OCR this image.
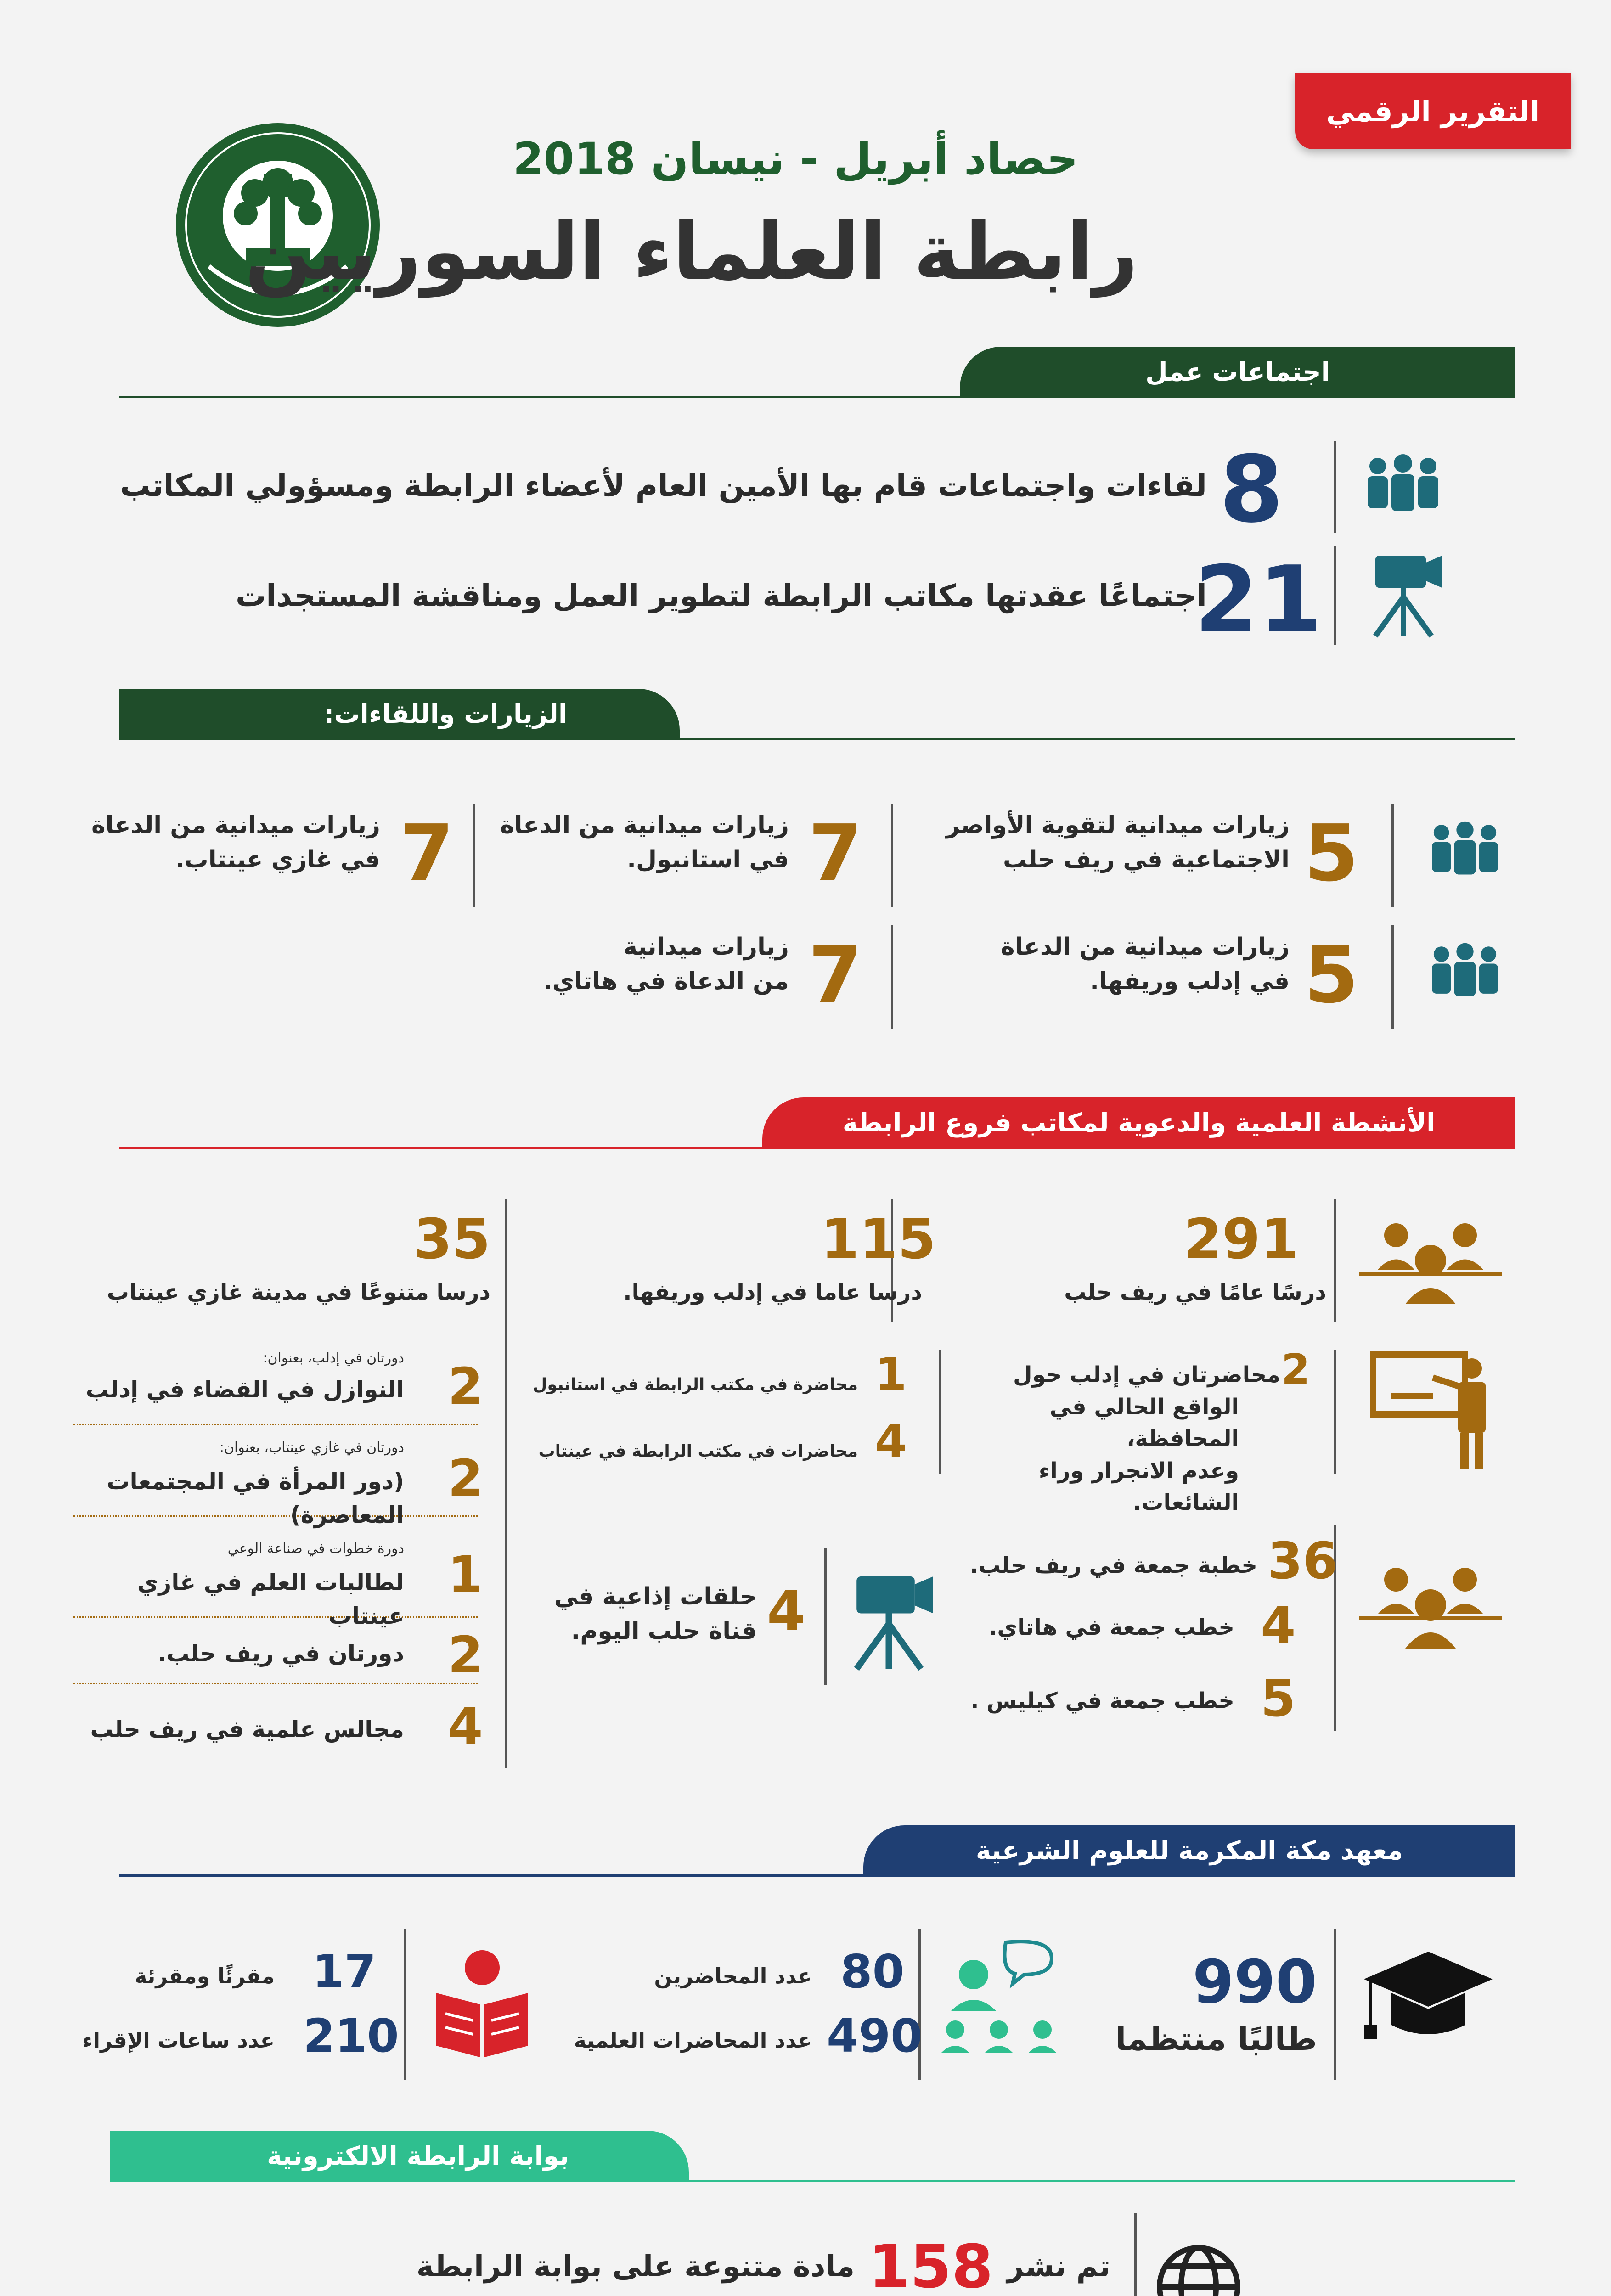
التقرير الرقمي
حصاد أبريل - نيسان 2018
رابطة العلماء السوريين
اجتماعات عمل
8
لقاءات واجتماعات قام بها الأمين العام لأعضاء الرابطة ومسؤولي المكاتب
21
اجتماعًا عقدتها مكاتب الرابطة لتطوير العمل ومناقشة المستجدات
الزيارات واللقاءات:
5
زيارات ميدانية لتقوية الأواصر
الاجتماعية في ريف حلب
7
زيارات ميدانية من الدعاة
في استانبول.
7
زيارات ميدانية من الدعاة
في غازي عينتاب.
5
زيارات ميدانية من الدعاة
في إدلب وريفها.
7
زيارات ميدانية
من الدعاة في هاتاي.
الأنشطة العلمية والدعوية لمكاتب فروع الرابطة
291
درسًا عامًا في ريف حلب
115
درسا عاما في إدلب وريفها.
35
درسا متنوعًا في مدينة غازي عينتاب
2
محاضرتان في إدلب حول
الواقع الحالي في المحافظة،
وعدم الانجرار وراء الشائعات.
1
محاضرة في مكتب الرابطة في استانبول
4
محاضرات في مكتب الرابطة في عينتاب
دورتان في إدلب، بعنوان:
النوازل في القضاء في إدلب 2
دورتان في غازي عينتاب، بعنوان:
(دور المرأة في المجتمعات المعاصرة)
2
دورة خطوات في صناعة الوعي
لطالبات العلم في غازي عينتاب
1
دورتان في ريف حلب. 2
مجالس علمية في ريف حلب 4
36
خطبة جمعة في ريف حلب.
4
خطب جمعة في هاتاي.
5
خطب جمعة في كيليس .
4
حلقات إذاعية في
قناة حلب اليوم.
معهد مكة المكرمة للعلوم الشرعية
990
طالبًا منتظما
80
عدد المحاضرين
490
عدد المحاضرات العلمية
17
مقرئًا ومقرئة
210
عدد ساعات الإقراء
بوابة الرابطة الالكترونية
تم نشر
158
مادة متنوعة على بوابة الرابطة
